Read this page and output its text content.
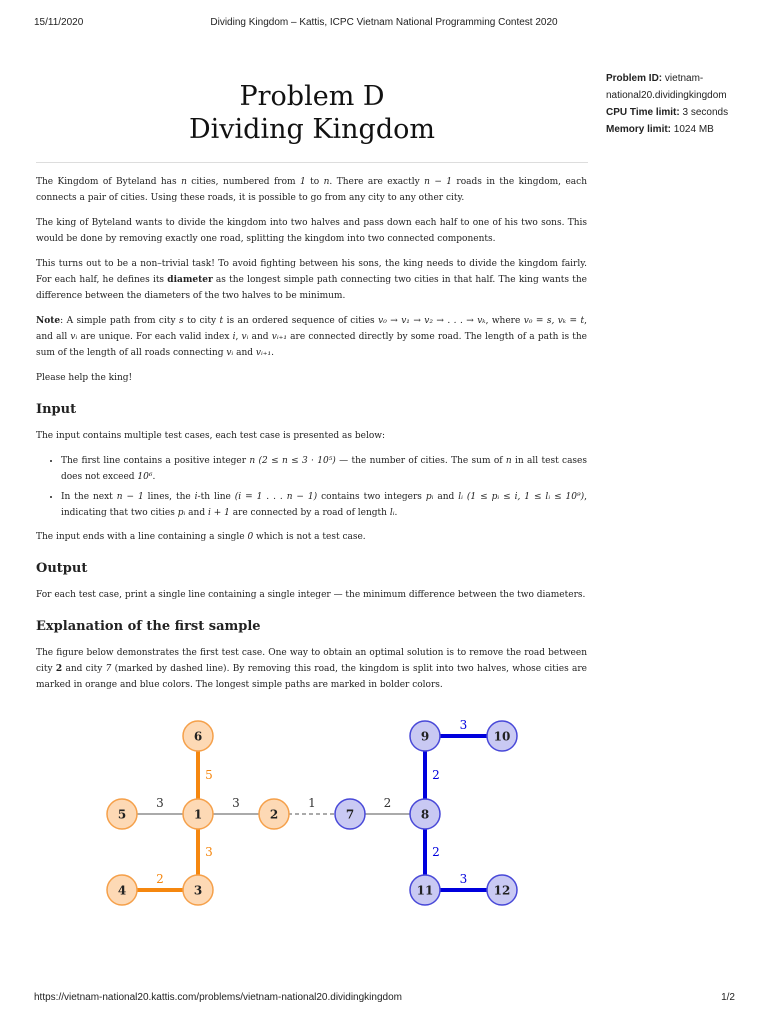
15/11/2020	Dividing Kingdom – Kattis, ICPC Vietnam National Programming Contest 2020
Problem D
Dividing Kingdom
Problem ID: vietnam-national20.dividingkingdom
CPU Time limit: 3 seconds
Memory limit: 1024 MB

The Kingdom of Byteland has n cities, numbered from 1 to n. There are exactly n − 1 roads in the kingdom, each connects a pair of cities. Using these roads, it is possible to go from any city to any other city.

The king of Byteland wants to divide the kingdom into two halves and pass down each half to one of his two sons. This would be done by removing exactly one road, splitting the kingdom into two connected components.

This turns out to be a non–trivial task! To avoid fighting between his sons, the king needs to divide the kingdom fairly. For each half, he defines its diameter as the longest simple path connecting two cities in that half. The king wants the difference between the diameters of the two halves to be minimum.

Note: A simple path from city s to city t is an ordered sequence of cities v₀ → v₁ → v₂ → . . . → vₖ, where v₀ = s, vₖ = t, and all vᵢ are unique. For each valid index i, vᵢ and vᵢ₊₁ are connected directly by some road. The length of a path is the sum of the length of all roads connecting vᵢ and vᵢ₊₁.

Please help the king!

Input

The input contains multiple test cases, each test case is presented as below:

• The first line contains a positive integer n (2 ≤ n ≤ 3 · 10⁵) — the number of cities. The sum of n in all test cases does not exceed 10⁶.
• In the next n − 1 lines, the i-th line (i = 1 . . . n − 1) contains two integers pᵢ and lᵢ (1 ≤ pᵢ ≤ i, 1 ≤ lᵢ ≤ 10⁹), indicating that two cities pᵢ and i + 1 are connected by a road of length lᵢ.

The input ends with a line containing a single 0 which is not a test case.

Output

For each test case, print a single line containing a single integer — the minimum difference between the two diameters.

Explanation of the first sample

The figure below demonstrates the first test case. One way to obtain an optimal solution is to remove the road between city 2 and city 7 (marked by dashed line). By removing this road, the kingdom is split into two halves, whose cities are marked in orange and blue colors. The longest simple paths are marked in bolder colors.

5
3	3
3
2
1	2
3
2
2
3
6
5	1	2
4	3
9	10
7	8
11	12
https://vietnam-national20.kattis.com/problems/vietnam-national20.dividingkingdom	1/2
